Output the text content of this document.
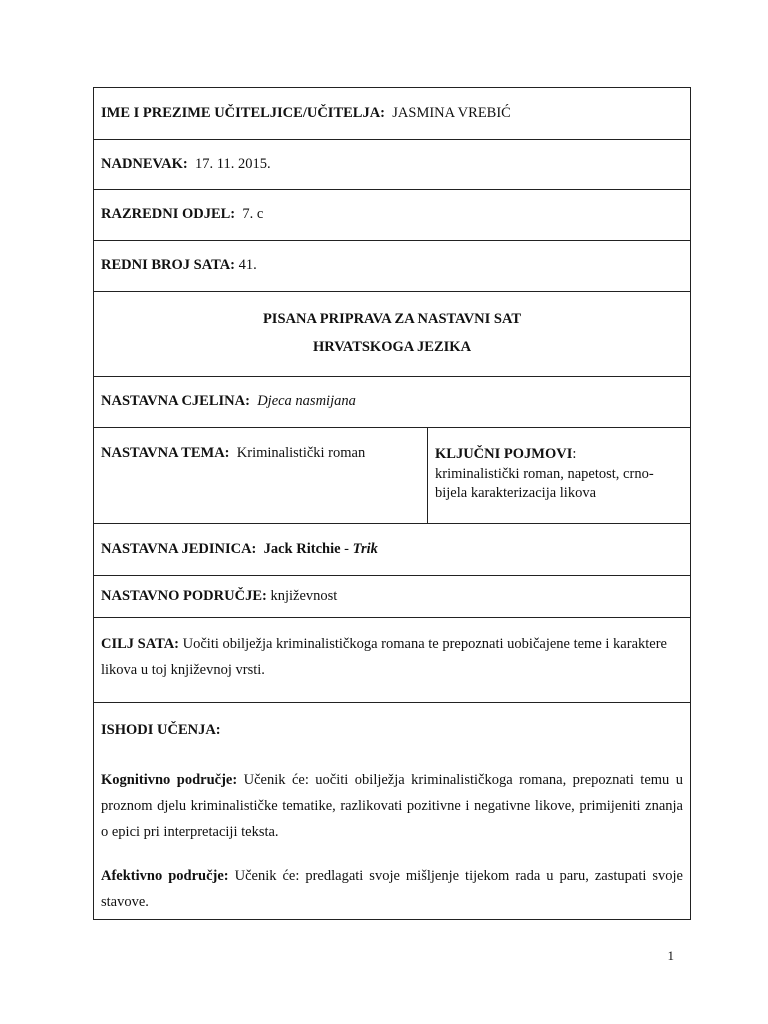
IME I PREZIME UČITELJICE/UČITELJA: JASMINA VREBIĆ
NADNEVAK: 17. 11. 2015.
RAZREDNI ODJEL: 7. c
REDNI BROJ SATA: 41.

PISANA PRIPRAVA ZA NASTAVNI SAT

HRVATSKOGA JEZIKA

NASTAVNA CJELINA: Djeca nasmijana
NASTAVNA TEMA: Kriminalistički roman	KLJUČNI POJMOVI:

kriminalistički roman, napetost, crno-bijela karakterizacija likova

NASTAVNA JEDINICA: Jack Ritchie - Trik
NASTAVNO PODRUČJE: književnost
CILJ SATA: Uočiti obilježja kriminalističkoga romana te prepoznati uobičajene teme i karaktere likova u toj književnoj vrsti.

ISHODI UČENJA:

Kognitivno područje: Učenik će: uočiti obilježja kriminalističkoga romana, prepoznati temu u proznom djelu kriminalističke tematike, razlikovati pozitivne i negativne likove, primijeniti znanja o epici pri interpretaciji teksta.

Afektivno područje: Učenik će: predlagati svoje mišljenje tijekom rada u paru, zastupati svoje stavove.

1
